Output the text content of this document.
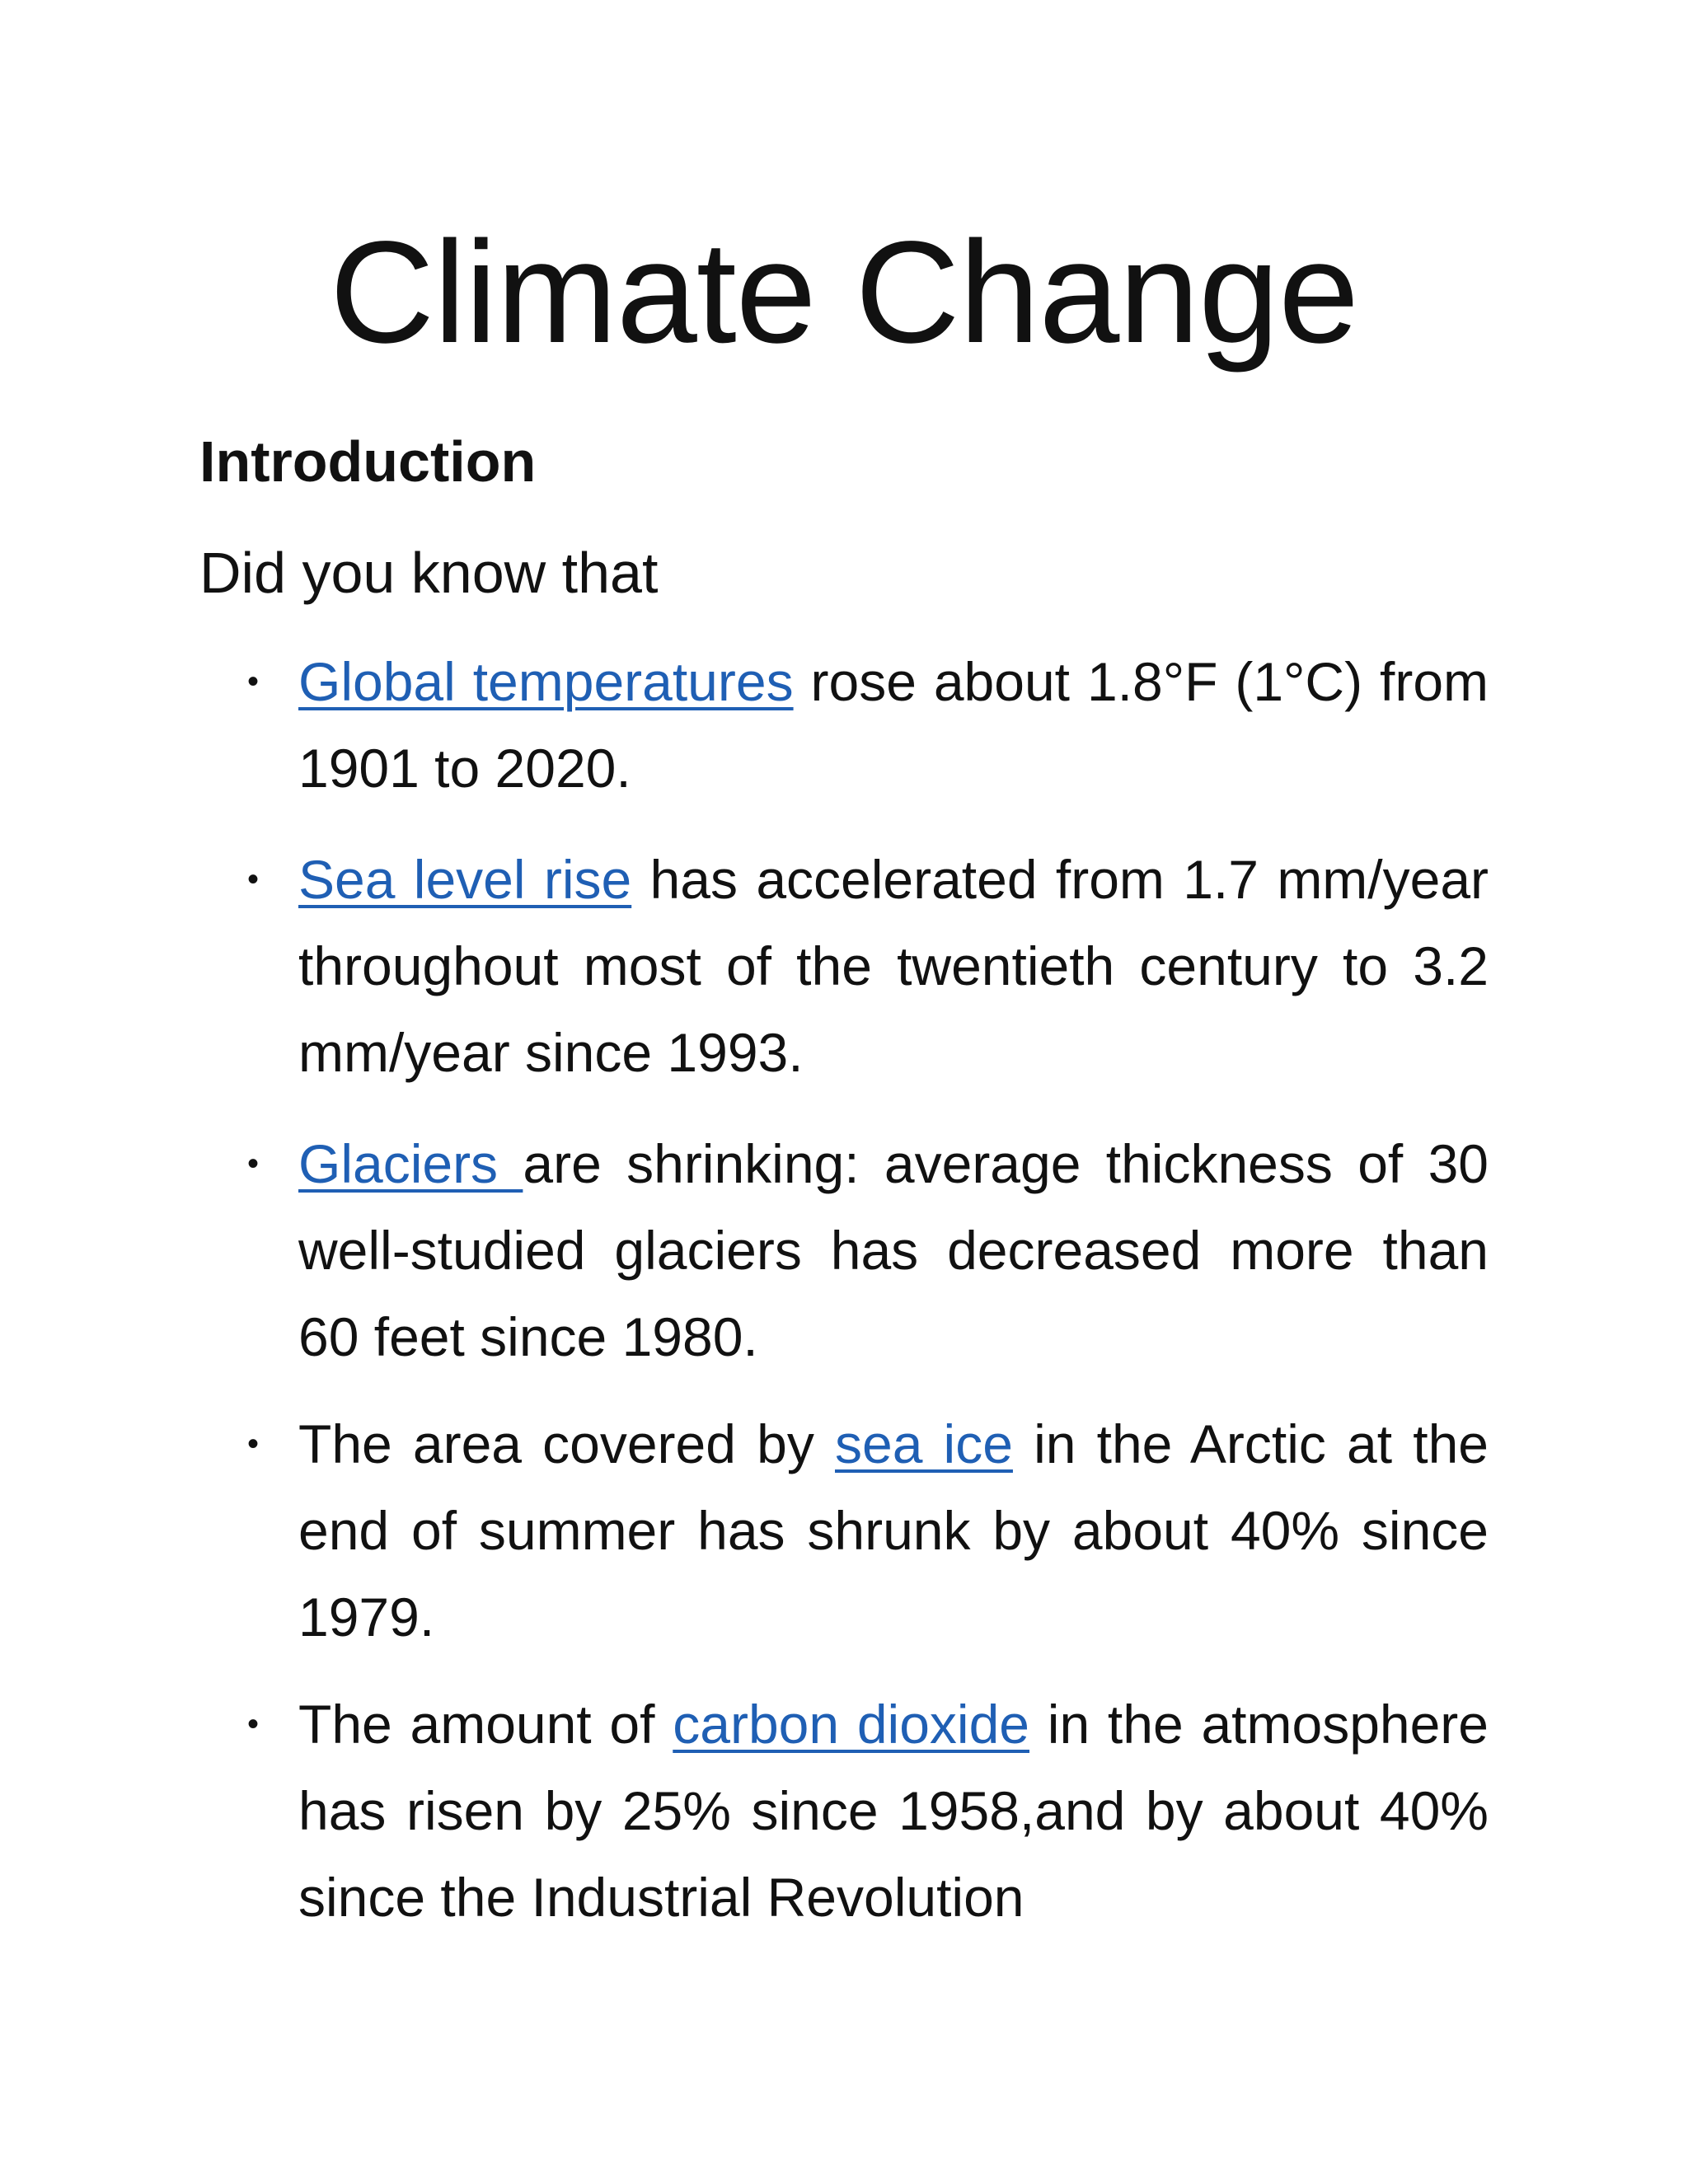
Climate Change
Introduction

Did you know that

• Global temperatures rose about 1.8°F (1°C) from 1901 to 2020.
• Sea level rise has accelerated from 1.7 mm/year throughout most of the twentieth century to 3.2 mm/year since 1993.
• Glaciers are shrinking: average thickness of 30 well-studied glaciers has decreased more than 60 feet since 1980.
• The area covered by sea ice in the Arctic at the end of summer has shrunk by about 40% since 1979.
• The amount of carbon dioxide in the atmosphere has risen by 25% since 1958,and by about 40% since the Industrial Revolution
